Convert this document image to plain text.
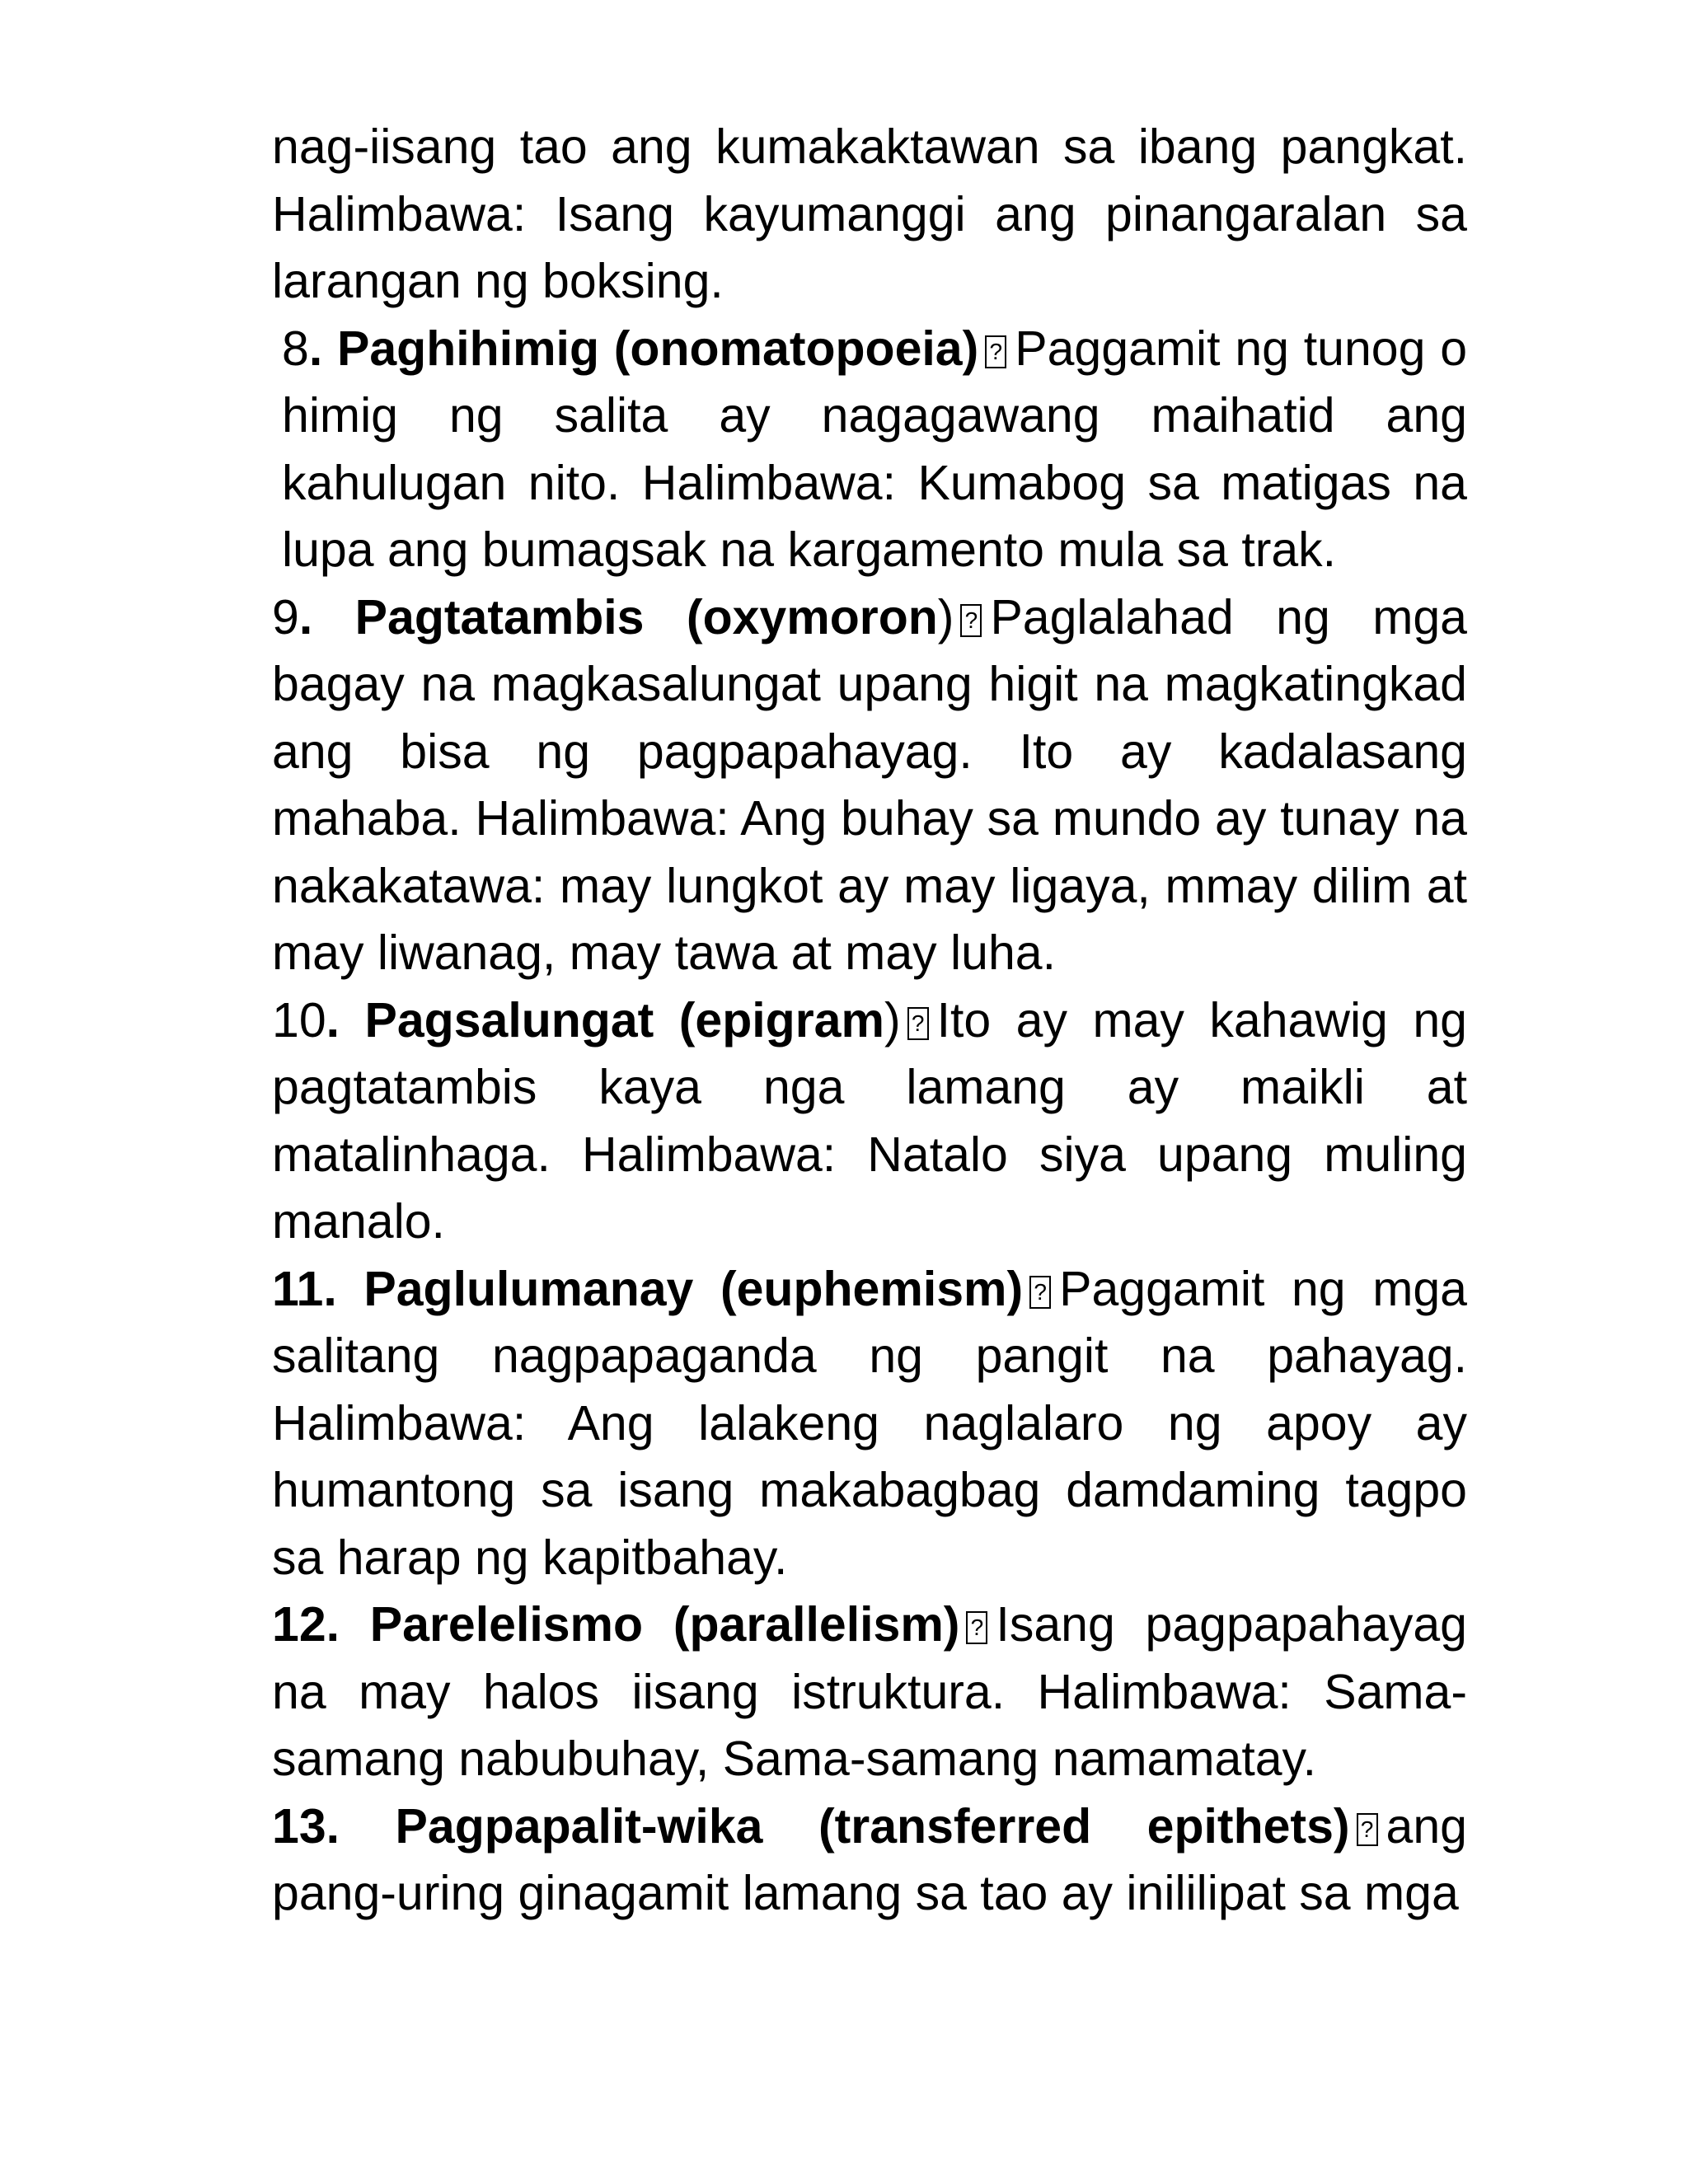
nag-iisang tao ang kumakaktawan sa ibang pangkat. Halimbawa: Isang kayumanggi ang pinangaralan sa larangan ng boksing.

8. Paghihimig (onomatopoeia) ? Paggamit ng tunog o himig ng salita ay nagagawang maihatid ang kahulugan nito. Halimbawa: Kumabog sa matigas na lupa ang bumagsak na kargamento mula sa trak.

9. Pagtatambis (oxymoron) ? Paglalahad ng mga bagay na magkasalungat upang higit na magkatingkad ang bisa ng pagpapahayag. Ito ay kadalasang mahaba. Halimbawa: Ang buhay sa mundo ay tunay na nakakatawa: may lungkot ay may ligaya, mmay dilim at may liwanag, may tawa at may luha.

10. Pagsalungat (epigram) ? Ito ay may kahawig ng pagtatambis kaya nga lamang ay maikli at matalinhaga. Halimbawa: Natalo siya upang muling manalo.

11. Paglulumanay (euphemism) ? Paggamit ng mga salitang nagpapaganda ng pangit na pahayag. Halimbawa: Ang lalakeng naglalaro ng apoy ay humantong sa isang makabagbag damdaming tagpo sa harap ng kapitbahay.

12. Parelelismo (parallelism) ? Isang pagpapahayag na may halos iisang istruktura. Halimbawa: Sama-samang nabubuhay, Sama-samang namamatay.

13. Pagpapalit-wika (transferred epithets) ? ang pang-uring ginagamit lamang sa tao ay inililipat sa mga
